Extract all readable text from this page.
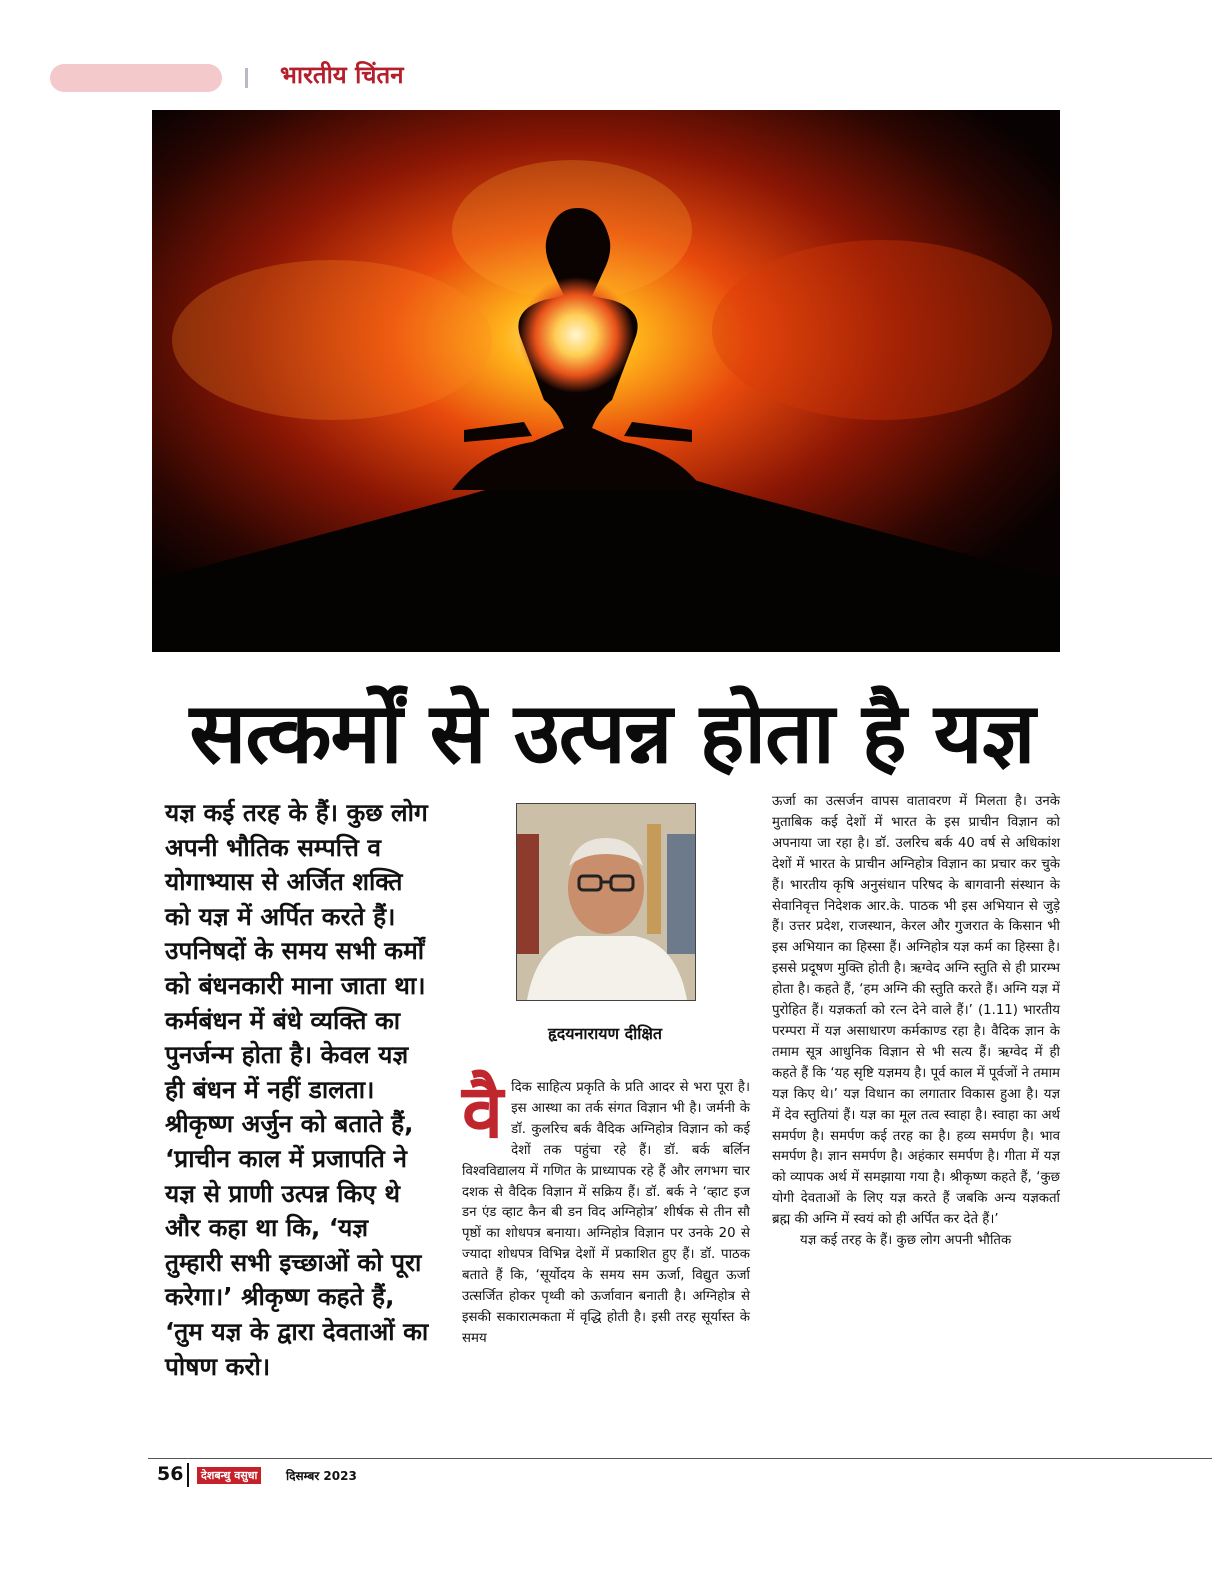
भारतीय चिंतन
सत्कर्मों से उत्पन्न होता है यज्ञ

यज्ञ कई तरह के हैं। कुछ लोग अपनी भौतिक सम्पत्ति व योगाभ्यास से अर्जित शक्ति को यज्ञ में अर्पित करते हैं। उपनिषदों के समय सभी कर्मों को बंधनकारी माना जाता था। कर्मबंधन में बंधे व्यक्ति का पुनर्जन्म होता है। केवल यज्ञ ही बंधन में नहीं डालता। श्रीकृष्ण अर्जुन को बताते हैं, ‘प्राचीन काल में प्रजापति ने यज्ञ से प्राणी उत्पन्न किए थे और कहा था कि, ‘यज्ञ तुम्हारी सभी इच्छाओं को पूरा करेगा।’ श्रीकृष्ण कहते हैं, ‘तुम यज्ञ के द्वारा देवताओं का पोषण करो।

हृदयनारायण दीक्षित
वै दिक साहित्य प्रकृति के प्रति आदर से भरा पूरा है। इस आस्था का तर्क संगत विज्ञान भी है। जर्मनी के डॉ. कुलरिच बर्क वैदिक अग्निहोत्र विज्ञान को कई देशों तक पहुंचा रहे हैं। डॉ. बर्क बर्लिन विश्वविद्यालय में गणित के प्राध्यापक रहे हैं और लगभग चार दशक से वैदिक विज्ञान में सक्रिय हैं। डॉ. बर्क ने ‘व्हाट इज डन एंड व्हाट कैन बी डन विद अग्निहोत्र’ शीर्षक से तीन सौ पृष्ठों का शोधपत्र बनाया। अग्निहोत्र विज्ञान पर उनके 20 से ज्यादा शोधपत्र विभिन्न देशों में प्रकाशित हुए हैं। डॉ. पाठक बताते हैं कि, ‘सूर्योदय के समय सम ऊर्जा, विद्युत ऊर्जा उत्सर्जित होकर पृथ्वी को ऊर्जावान बनाती है। अग्निहोत्र से इसकी सकारात्मकता में वृद्धि होती है। इसी तरह सूर्यास्त के समय

ऊर्जा का उत्सर्जन वापस वातावरण में मिलता है। उनके मुताबिक कई देशों में भारत के इस प्राचीन विज्ञान को अपनाया जा रहा है। डॉ. उलरिच बर्क 40 वर्ष से अधिकांश देशों में भारत के प्राचीन अग्निहोत्र विज्ञान का प्रचार कर चुके हैं। भारतीय कृषि अनुसंधान परिषद के बागवानी संस्थान के सेवानिवृत्त निदेशक आर.के. पाठक भी इस अभियान से जुड़े हैं। उत्तर प्रदेश, राजस्थान, केरल और गुजरात के किसान भी इस अभियान का हिस्सा हैं। अग्निहोत्र यज्ञ कर्म का हिस्सा है। इससे प्रदूषण मुक्ति होती है। ऋग्वेद अग्नि स्तुति से ही प्रारम्भ होता है। कहते हैं, ‘हम अग्नि की स्तुति करते हैं। अग्नि यज्ञ में पुरोहित हैं। यज्ञकर्ता को रत्न देने वाले हैं।’ (1.11) भारतीय परम्परा में यज्ञ असाधारण कर्मकाण्ड रहा है। वैदिक ज्ञान के तमाम सूत्र आधुनिक विज्ञान से भी सत्य हैं। ऋग्वेद में ही कहते हैं कि ‘यह सृष्टि यज्ञमय है। पूर्व काल में पूर्वजों ने तमाम यज्ञ किए थे।’ यज्ञ विधान का लगातार विकास हुआ है। यज्ञ में देव स्तुतियां हैं। यज्ञ का मूल तत्व स्वाहा है। स्वाहा का अर्थ समर्पण है। समर्पण कई तरह का है। हव्य समर्पण है। भाव समर्पण है। ज्ञान समर्पण है। अहंकार समर्पण है। गीता में यज्ञ को व्यापक अर्थ में समझाया गया है। श्रीकृष्ण कहते हैं, ‘कुछ योगी देवताओं के लिए यज्ञ करते हैं जबकि अन्य यज्ञकर्ता ब्रह्म की अग्नि में स्वयं को ही अर्पित कर देते हैं।’

यज्ञ कई तरह के हैं। कुछ लोग अपनी भौतिक

56	देशबन्धु वसुधा	दिसम्बर 2023
